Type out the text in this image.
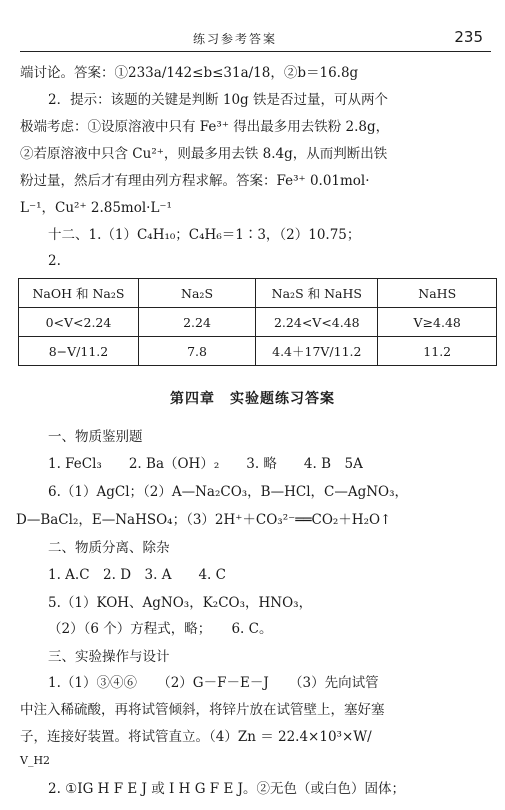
练习参考答案	235
端讨论。答案：①233a/142≤b≤31a/18，②b＝16.8g
2．提示：该题的关键是判断 10g 铁是否过量，可从两个
极端考虑：①设原溶液中只有 Fe³⁺ 得出最多用去铁粉 2.8g，
②若原溶液中只含 Cu²⁺，则最多用去铁 8.4g，从而判断出铁
粉过量，然后才有理由列方程求解。答案：Fe³⁺ 0.01mol·
L⁻¹，Cu²⁺ 2.85mol·L⁻¹
十二、1.（1）C₄H₁₀；C₄H₆＝1∶3，（2）10.75；
2.
NaOH 和 Na₂S	Na₂S	Na₂S 和 NaHS	NaHS
0<V<2.24	2.24	2.24<V<4.48	V≥4.48
8−V/11.2	7.8	4.4＋17V/11.2	11.2
第四章　实验题练习答案
一、物质鉴别题
1. FeCl₃　　2. Ba（OH）₂　　3. 略　　4. B　5A
6.（1）AgCl；（2）A—Na₂CO₃，B—HCl，C—AgNO₃，
D—BaCl₂，E—NaHSO₄；（3）2H⁺＋CO₃²⁻══CO₂＋H₂O↑
二、物质分离、除杂
1. A.C　2. D　3. A　　4. C
5.（1）KOH、AgNO₃，K₂CO₃，HNO₃，
（2）（6 个）方程式，略；　　6. C。
三、实验操作与设计
1.（1）③④⑥　　（2）G－F－E－J　　（3）先向试管
中注入稀硫酸，再将试管倾斜，将锌片放在试管壁上，塞好塞
子，连接好装置。将试管直立。（4）Zn ＝ 22.4×10³×W/
V_H2
2. ①IG H F E J 或 I H G F E J。②无色（或白色）固体；
